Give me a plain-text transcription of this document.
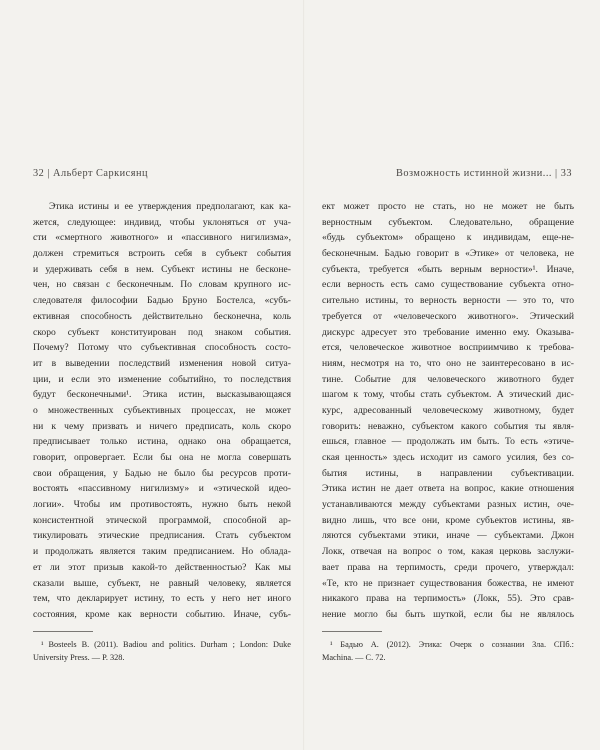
32 | Альберт Саркисянц
Этика истины и ее утверждения предполагают, как ка-
жется, следующее: индивид, чтобы уклоняться от уча-
сти «смертного животного» и «пассивного нигилизма»,
должен стремиться встроить себя в субъект события
и удерживать себя в нем. Субъект истины не бесконе-
чен, но связан с бесконечным. По словам крупного ис-
следователя философии Бадью Бруно Бостелса, «субъ-
ективная способность действительно бесконечна, коль
скоро субъект конституирован под знаком события.
Почему? Потому что субъективная способность состо-
ит в выведении последствий изменения новой ситуа-
ции, и если это изменение событийно, то последствия
будут бесконечными¹. Этика истин, высказывающаяся
о множественных субъективных процессах, не может
ни к чему призвать и ничего предписать, коль скоро
предписывает только истина, однако она обращается,
говорит, опровергает. Если бы она не могла совершать
свои обращения, у Бадью не было бы ресурсов проти-
востоять «пассивному нигилизму» и «этической идео-
логии». Чтобы им противостоять, нужно быть некой
консистентной этической программой, способной ар-
тикулировать этические предписания. Стать субъектом
и продолжать является таким предписанием. Но облада-
ет ли этот призыв какой-то действенностью? Как мы
сказали выше, субъект, не равный человеку, является
тем, что декларирует истину, то есть у него нет иного
состояния, кроме как верности событию. Иначе, субъ-
¹ Bosteels B. (2011). Badiou and politics. Durham ; London: Duke
University Press. — P. 328.
Возможность истинной жизни... | 33
ект может просто не стать, но не может не быть
верностным субъектом. Следовательно, обращение
«будь субъектом» обращено к индивидам, еще-не-
бесконечным. Бадью говорит в «Этике» от человека, не
субъекта, требуется «быть верным верности»¹. Иначе,
если верность есть само существование субъекта отно-
сительно истины, то верность верности — это то, что
требуется от «человеческого животного». Этический
дискурс адресует это требование именно ему. Оказыва-
ется, человеческое животное восприимчиво к требова-
ниям, несмотря на то, что оно не заинтересовано в ис-
тине. Событие для человеческого животного будет
шагом к тому, чтобы стать субъектом. А этический дис-
курс, адресованный человеческому животному, будет
говорить: неважно, субъектом какого события ты явля-
ешься, главное — продолжать им быть. То есть «этиче-
ская ценность» здесь исходит из самого усилия, без со-
бытия истины, в направлении субъективации.
Этика истин не дает ответа на вопрос, какие отношения
устанавливаются между субъектами разных истин, оче-
видно лишь, что все они, кроме субъектов истины, яв-
ляются субъектами этики, иначе — субъектами. Джон
Локк, отвечая на вопрос о том, какая церковь заслужи-
вает права на терпимость, среди прочего, утверждал:
«Те, кто не признает существования божества, не имеют
никакого права на терпимость» (Локк, 55). Это срав-
нение могло бы быть шуткой, если бы не являлось
¹ Бадью А. (2012). Этика: Очерк о сознании Зла. СПб.:
Machina. — С. 72.
